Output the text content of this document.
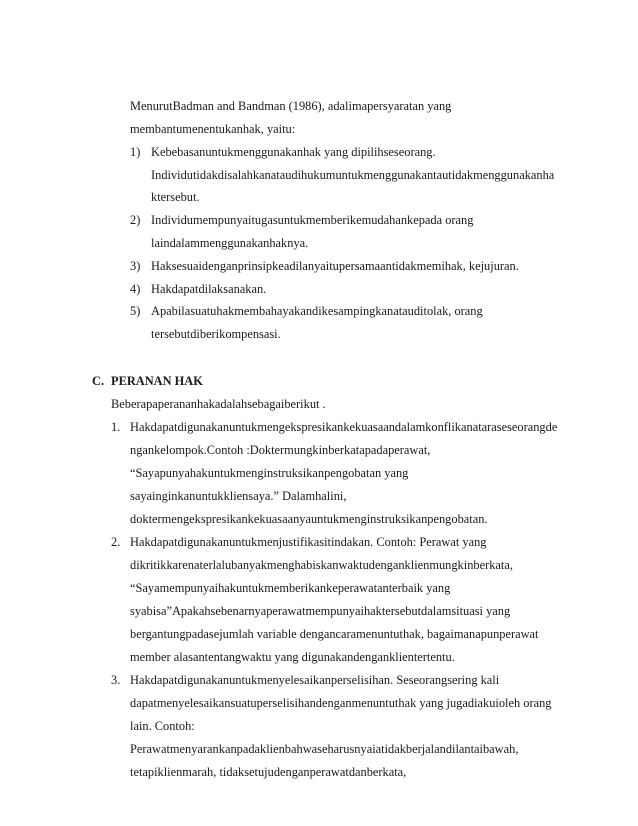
MenurutBadman and Bandman (1986), adalimapersyaratan yang
membantumenentukanhak, yaitu:
1) Kebebasanuntukmenggunakanhak yang dipilihseseorang.
Individutidakdisalahkanataudihukumuntukmenggunakantautidakmenggunakanha
ktersebut.
2) Individumempunyaitugasuntukmemberikemudahankepada orang
laindalammenggunakanhaknya.
3) Haksesuaidenganprinsipkeadilanyaitupersamaantidakmemihak, kejujuran.
4) Hakdapatdilaksanakan.
5) Apabilasuatuhakmembahayakandikesampingkanatauditolak, orang
tersebutdiberikompensasi.
C. PERANAN HAK
Beberapaperananhakadalahsebagaiberikut .
1. Hakdapatdigunakanuntukmengekspresikankekuasaandalamkonflikanataraseseorangde
ngankelompok.Contoh :Doktermungkinberkatapadaperawat,
“Sayapunyahakuntukmenginstruksikanpengobatan yang
sayainginkanuntukkliensaya.” Dalamhalini,
doktermengekspresikankekuasaanyauntukmenginstruksikanpengobatan.
2. Hakdapatdigunakanuntukmenjustifikasitindakan. Contoh: Perawat yang
dikritikkarenaterlalubanyakmenghabiskanwaktudenganklienmungkinberkata,
“Sayamempunyaihakuntukmemberikankeperawatanterbaik yang
syabisa”Apakahsebenarnyaperawatmempunyaihaktersebutdalamsituasi yang
bergantungpadasejumlah variable dengancaramenuntuthak, bagaimanapunperawat
member alasantentangwaktu yang digunakandenganklientertentu.
3. Hakdapatdigunakanuntukmenyelesaikanperselisihan. Seseorangsering kali
dapatmenyelesaikansuatuperselisihandenganmenuntuthak yang jugadiakuioleh orang
lain. Contoh:
Perawatmenyarankanpadaklienbahwaseharusnyaiatidakberjalandilantaibawah,
tetapiklienmarah, tidaksetujudenganperawatdanberkata,
